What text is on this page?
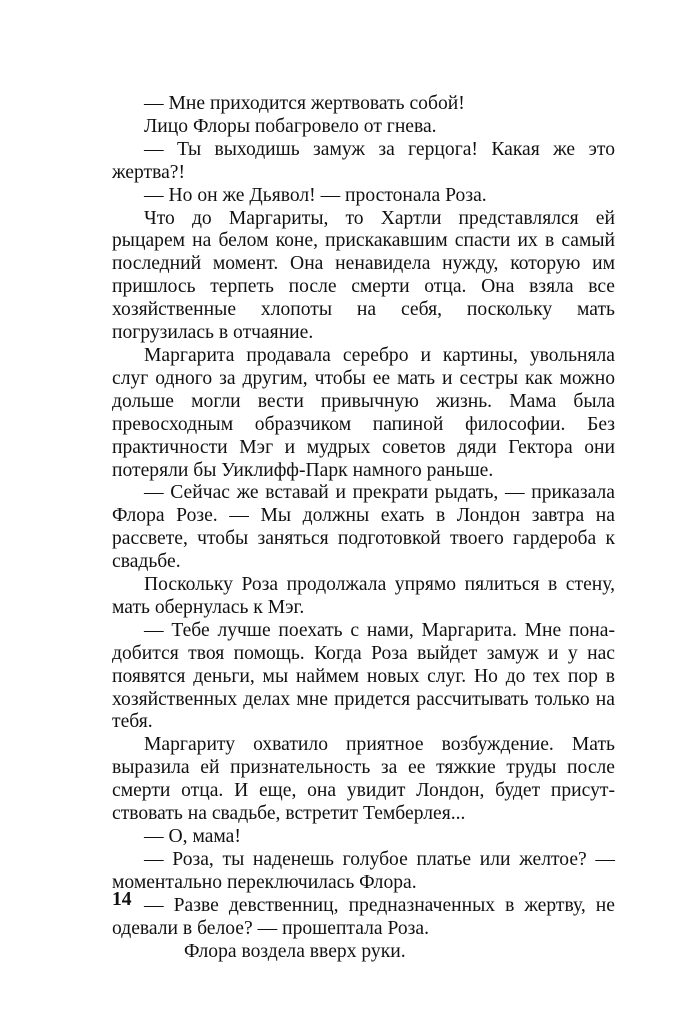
— Мне приходится жертвовать собой!

Лицо Флоры побагровело от гнева.

— Ты выходишь замуж за герцога! Какая же это жертва?!

— Но он же Дьявол! — простонала Роза.

Что до Маргариты, то Хартли представлялся ей рыцарем на белом коне, прискакавшим спасти их в самый последний момент. Она ненавидела нужду, которую им пришлось терпеть после смерти отца. Она взяла все хозяйственные хлопоты на себя, поскольку мать погрузилась в отчаяние.

Маргарита продавала серебро и картины, увольняла слуг одного за другим, чтобы ее мать и сестры как можно дольше могли вести привычную жизнь. Мама была превосходным образчиком папиной философии. Без практичности Мэг и мудрых советов дяди Гектора они потеряли бы Уиклифф-Парк намного раньше.

— Сейчас же вставай и прекрати рыдать, — приказала Флора Розе. — Мы должны ехать в Лондон завтра на рассвете, чтобы заняться подготовкой твоего гардероба к свадьбе.

Поскольку Роза продолжала упрямо пялиться в стену, мать обернулась к Мэг.

— Тебе лучше поехать с нами, Маргарита. Мне понадобится твоя помощь. Когда Роза выйдет замуж и у нас появятся деньги, мы наймем новых слуг. Но до тех пор в хозяйственных делах мне придется рассчитывать только на тебя.

Маргариту охватило приятное возбуждение. Мать выразила ей признательность за ее тяжкие труды после смерти отца. И еще, она увидит Лондон, будет присутствовать на свадьбе, встретит Темберлея...

— О, мама!

— Роза, ты наденешь голубое платье или желтое? — моментально переключилась Флора.

— Разве девственниц, предназначенных в жертву, не одевали в белое? — прошептала Роза.

Флора воздела вверх руки.

14
